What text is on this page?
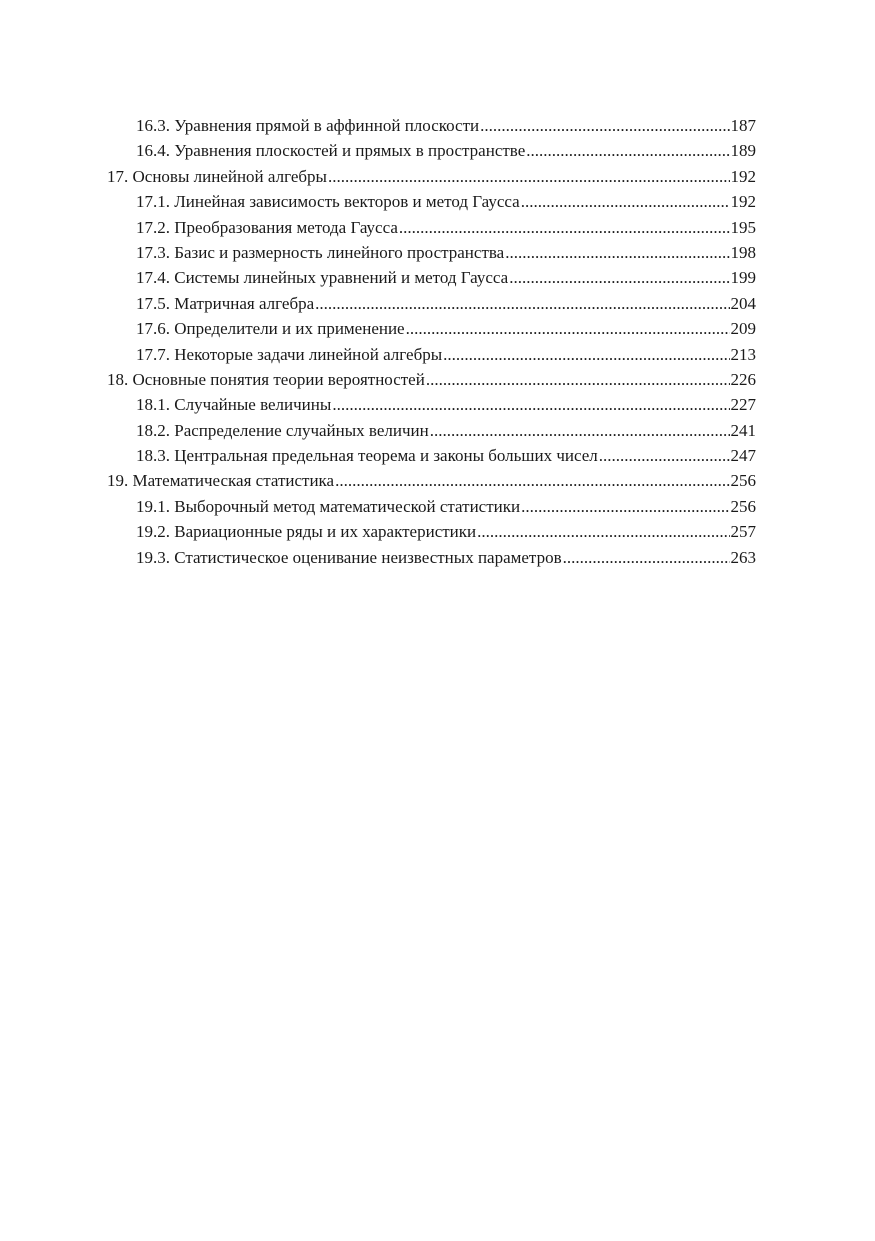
16.3. Уравнения прямой в аффинной плоскости .....	187
16.4. Уравнения плоскостей и прямых в пространстве .....	189
17. Основы линейной алгебры .....	192
17.1. Линейная зависимость векторов и метод Гаусса .....	192
17.2. Преобразования метода Гаусса .....	195
17.3. Базис и размерность линейного пространства .....	198
17.4. Системы линейных уравнений и метод Гаусса .....	199
17.5. Матричная алгебра .....	204
17.6. Определители и их применение .....	209
17.7. Некоторые задачи линейной алгебры .....	213
18. Основные понятия теории вероятностей .....	226
18.1. Случайные величины .....	227
18.2. Распределение случайных величин .....	241
18.3. Центральная предельная теорема и законы больших чисел .....	247
19. Математическая статистика .....	256
19.1. Выборочный метод математической статистики .....	256
19.2. Вариационные ряды и их характеристики .....	257
19.3. Статистическое оценивание неизвестных параметров .....	263
